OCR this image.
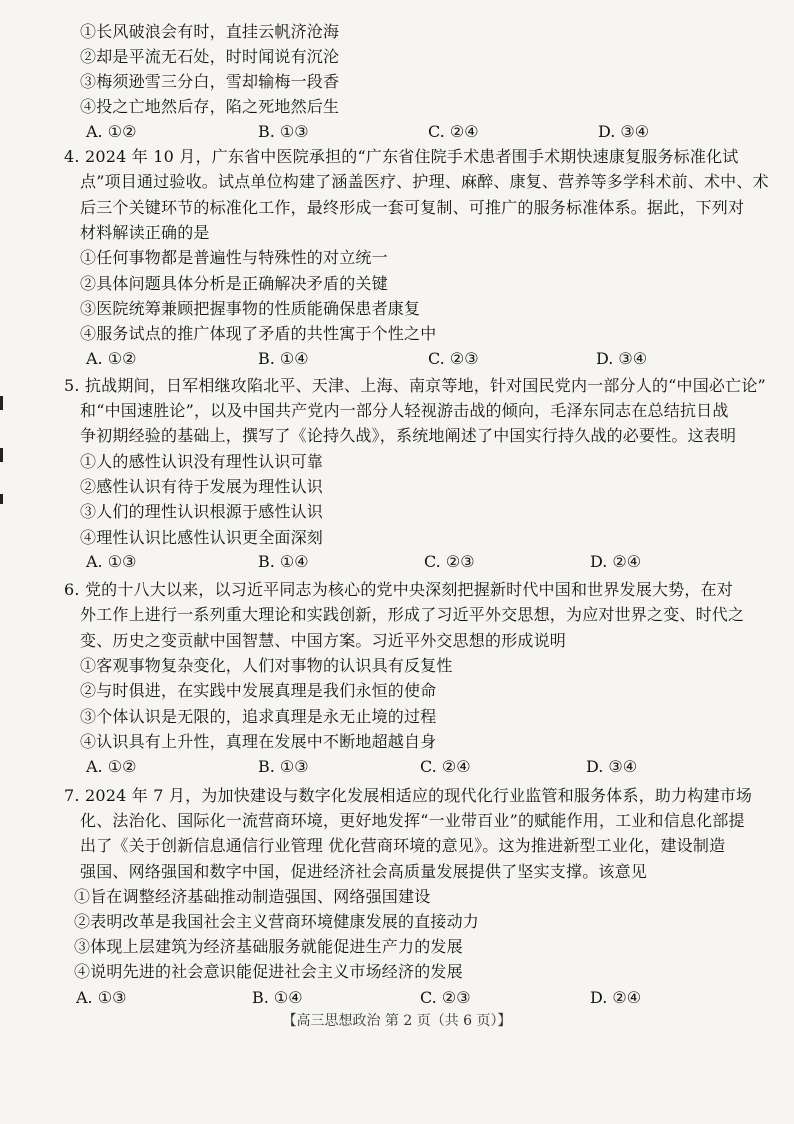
①长风破浪会有时，直挂云帆济沧海
②却是平流无石处，时时闻说有沉沦
③梅须逊雪三分白，雪却输梅一段香
④投之亡地然后存，陷之死地然后生
A. ①②	B. ①③	C. ②④	D. ③④
4. 2024 年 10 月，广东省中医院承担的“广东省住院手术患者围手术期快速康复服务标准化试
点”项目通过验收。试点单位构建了涵盖医疗、护理、麻醉、康复、营养等多学科术前、术中、术
后三个关键环节的标准化工作，最终形成一套可复制、可推广的服务标准体系。据此，下列对
材料解读正确的是
①任何事物都是普遍性与特殊性的对立统一
②具体问题具体分析是正确解决矛盾的关键
③医院统筹兼顾把握事物的性质能确保患者康复
④服务试点的推广体现了矛盾的共性寓于个性之中
A. ①②	B. ①④	C. ②③	D. ③④
5. 抗战期间，日军相继攻陷北平、天津、上海、南京等地，针对国民党内一部分人的“中国必亡论”
和“中国速胜论”，以及中国共产党内一部分人轻视游击战的倾向，毛泽东同志在总结抗日战
争初期经验的基础上，撰写了《论持久战》，系统地阐述了中国实行持久战的必要性。这表明
①人的感性认识没有理性认识可靠
②感性认识有待于发展为理性认识
③人们的理性认识根源于感性认识
④理性认识比感性认识更全面深刻
A. ①③	B. ①④	C. ②③	D. ②④
6. 党的十八大以来，以习近平同志为核心的党中央深刻把握新时代中国和世界发展大势，在对
外工作上进行一系列重大理论和实践创新，形成了习近平外交思想，为应对世界之变、时代之
变、历史之变贡献中国智慧、中国方案。习近平外交思想的形成说明
①客观事物复杂变化，人们对事物的认识具有反复性
②与时俱进，在实践中发展真理是我们永恒的使命
③个体认识是无限的，追求真理是永无止境的过程
④认识具有上升性，真理在发展中不断地超越自身
A. ①②	B. ①③	C. ②④	D. ③④
7. 2024 年 7 月，为加快建设与数字化发展相适应的现代化行业监管和服务体系，助力构建市场
化、法治化、国际化一流营商环境，更好地发挥“一业带百业”的赋能作用，工业和信息化部提
出了《关于创新信息通信行业管理 优化营商环境的意见》。这为推进新型工业化，建设制造
强国、网络强国和数字中国，促进经济社会高质量发展提供了坚实支撑。该意见
①旨在调整经济基础推动制造强国、网络强国建设
②表明改革是我国社会主义营商环境健康发展的直接动力
③体现上层建筑为经济基础服务就能促进生产力的发展
④说明先进的社会意识能促进社会主义市场经济的发展
A. ①③	B. ①④	C. ②③	D. ②④
【高三思想政治 第 2 页（共 6 页）】
